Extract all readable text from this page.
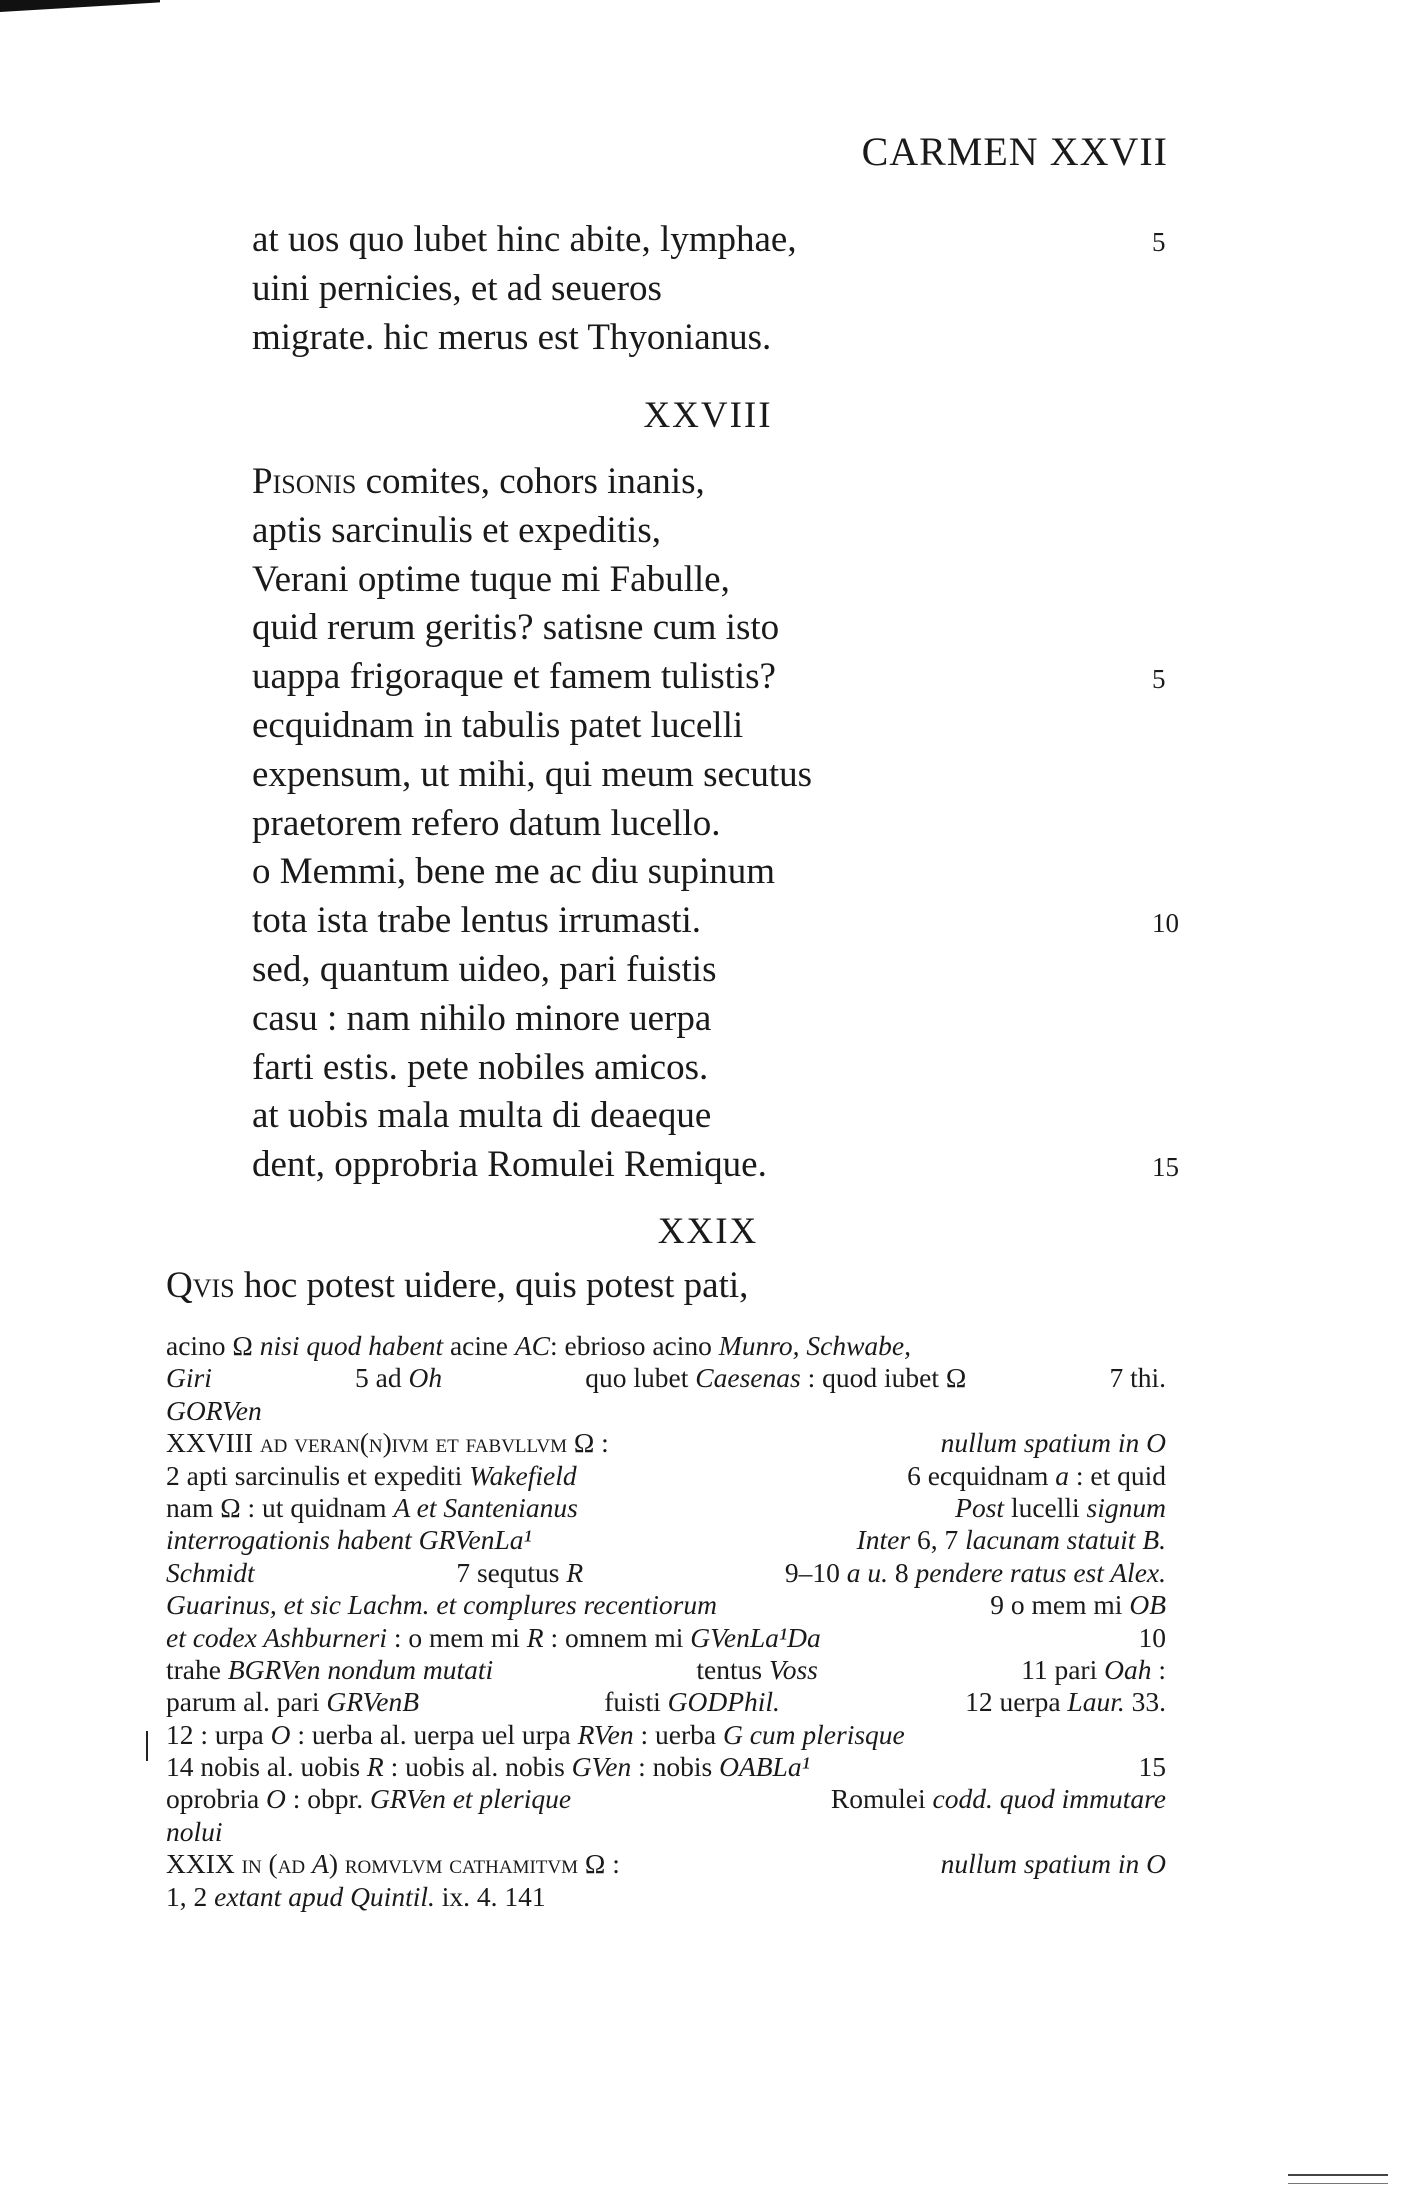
CARMEN XXVII
at uos quo lubet hinc abite, lymphae,	5
uini pernicies, et ad seueros
migrate. hic merus est Thyonianus.
XXVIII
Pisonis comites, cohors inanis,
aptis sarcinulis et expeditis,
Verani optime tuque mi Fabulle,
quid rerum geritis? satisne cum isto
uappa frigoraque et famem tulistis?	5
ecquidnam in tabulis patet lucelli
expensum, ut mihi, qui meum secutus
praetorem refero datum lucello.
o Memmi, bene me ac diu supinum
tota ista trabe lentus irrumasti.	10
sed, quantum uideo, pari fuistis
casu : nam nihilo minore uerpa
farti estis. pete nobiles amicos.
at uobis mala multa di deaeque
dent, opprobria Romulei Remique.	15
XXIX
Qvis hoc potest uidere, quis potest pati,
acino Ω nisi quod habent acine AC: ebrioso acino Munro, Schwabe,
Giri	5 ad Oh	quo lubet Caesenas : quod iubet Ω	7 thi.
GORVen
XXVIII ad veran(n)ivm et fabvllvm Ω :	nullum spatium in O
2 apti sarcinulis et expediti Wakefield	6 ecquidnam a : et quid
nam Ω : ut quidnam A et Santenianus	Post lucelli signum
interrogationis habent GRVenLa¹	Inter 6, 7 lacunam statuit B.
Schmidt	7 sequtus R	9–10 a u. 8 pendere ratus est Alex.
Guarinus, et sic Lachm. et complures recentiorum	9 o mem mi OB
et codex Ashburneri : o mem mi R : omnem mi GVenLa¹Da	10
trahe BGRVen nondum mutati	tentus Voss	11 pari Oah :
parum al. pari GRVenB	fuisti GODPhil.	12 uerpa Laur. 33.
12 : urpa O : uerba al. uerpa uel urpa RVen : uerba G cum plerisque
14 nobis al. uobis R : uobis al. nobis GVen : nobis OABLa¹	15
oprobria O : obpr. GRVen et plerique	Romulei codd. quod immutare
nolui
XXIX in (ad A) romvlvm cathamitvm Ω :	nullum spatium in O
1, 2 extant apud Quintil. ix. 4. 141
